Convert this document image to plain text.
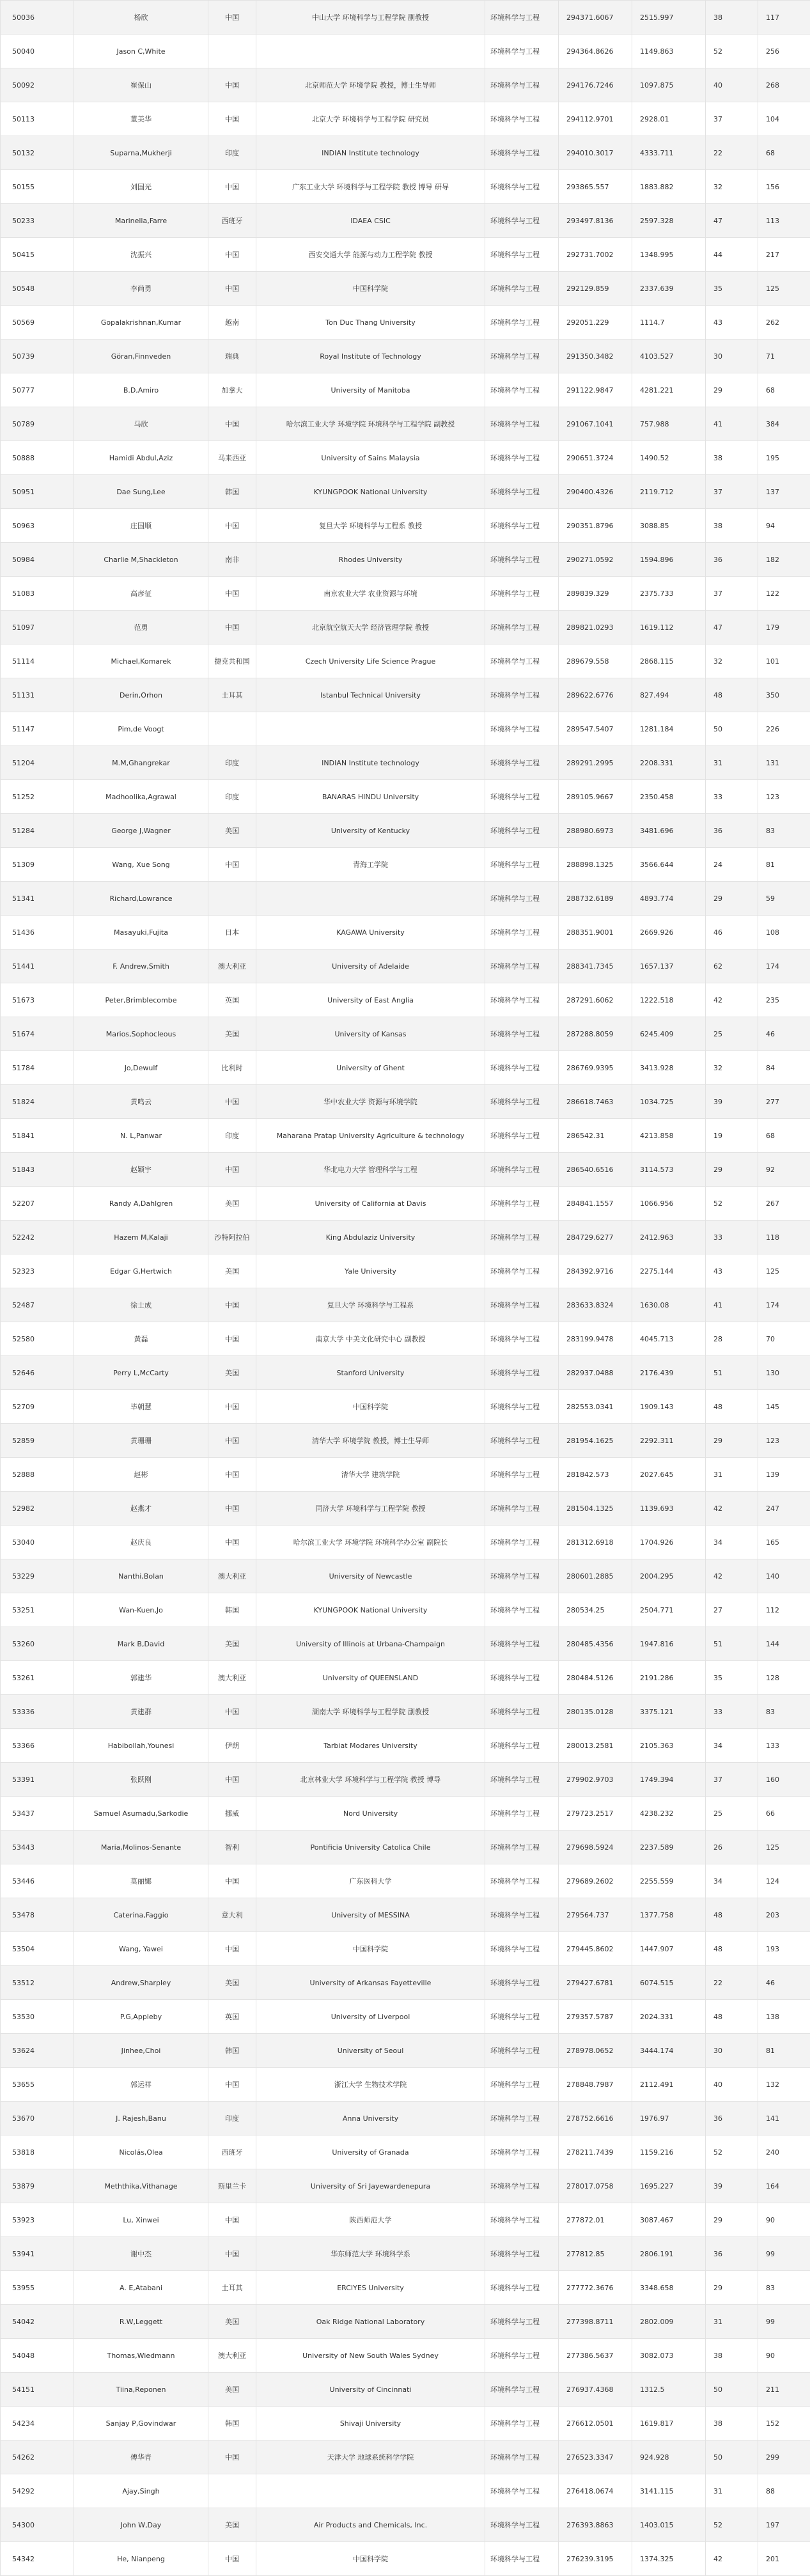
50036	杨欣	中国	中山大学 环境科学与工程学院 副教授	环境科学与工程	294371.6067	2515.997	38	117
50040	Jason C,White			环境科学与工程	294364.8626	1149.863	52	256
50092	崔保山	中国	北京师范大学 环境学院 教授，博士生导师	环境科学与工程	294176.7246	1097.875	40	268
50113	董美华	中国	北京大学 环境科学与工程学院 研究员	环境科学与工程	294112.9701	2928.01	37	104
50132	Suparna,Mukherji	印度	INDIAN Institute technology	环境科学与工程	294010.3017	4333.711	22	68
50155	刘国光	中国	广东工业大学 环境科学与工程学院 教授 博导 研导	环境科学与工程	293865.557	1883.882	32	156
50233	Marinella,Farre	西班牙	IDAEA CSIC	环境科学与工程	293497.8136	2597.328	47	113
50415	沈振兴	中国	西安交通大学 能源与动力工程学院 教授	环境科学与工程	292731.7002	1348.995	44	217
50548	李尚勇	中国	中国科学院	环境科学与工程	292129.859	2337.639	35	125
50569	Gopalakrishnan,Kumar	越南	Ton Duc Thang University	环境科学与工程	292051.229	1114.7	43	262
50739	Göran,Finnveden	瑞典	Royal Institute of Technology	环境科学与工程	291350.3482	4103.527	30	71
50777	B.D,Amiro	加拿大	University of Manitoba	环境科学与工程	291122.9847	4281.221	29	68
50789	马欣	中国	哈尔滨工业大学 环境学院 环境科学与工程学院 副教授	环境科学与工程	291067.1041	757.988	41	384
50888	Hamidi Abdul,Aziz	马来西亚	University of Sains Malaysia	环境科学与工程	290651.3724	1490.52	38	195
50951	Dae Sung,Lee	韩国	KYUNGPOOK National University	环境科学与工程	290400.4326	2119.712	37	137
50963	庄国顺	中国	复旦大学 环境科学与工程系 教授	环境科学与工程	290351.8796	3088.85	38	94
50984	Charlie M,Shackleton	南非	Rhodes University	环境科学与工程	290271.0592	1594.896	36	182
51083	高彦征	中国	南京农业大学 农业资源与环境	环境科学与工程	289839.329	2375.733	37	122
51097	范勇	中国	北京航空航天大学 经济管理学院 教授	环境科学与工程	289821.0293	1619.112	47	179
51114	Michael,Komarek	捷克共和国	Czech University Life Science Prague	环境科学与工程	289679.558	2868.115	32	101
51131	Derin,Orhon	土耳其	Istanbul Technical University	环境科学与工程	289622.6776	827.494	48	350
51147	Pim,de Voogt			环境科学与工程	289547.5407	1281.184	50	226
51204	M.M,Ghangrekar	印度	INDIAN Institute technology	环境科学与工程	289291.2995	2208.331	31	131
51252	Madhoolika,Agrawal	印度	BANARAS HINDU University	环境科学与工程	289105.9667	2350.458	33	123
51284	George J,Wagner	美国	University of Kentucky	环境科学与工程	288980.6973	3481.696	36	83
51309	Wang, Xue Song	中国	青海工学院	环境科学与工程	288898.1325	3566.644	24	81
51341	Richard,Lowrance			环境科学与工程	288732.6189	4893.774	29	59
51436	Masayuki,Fujita	日本	KAGAWA University	环境科学与工程	288351.9001	2669.926	46	108
51441	F. Andrew,Smith	澳大利亚	University of Adelaide	环境科学与工程	288341.7345	1657.137	62	174
51673	Peter,Brimblecombe	英国	University of East Anglia	环境科学与工程	287291.6062	1222.518	42	235
51674	Marios,Sophocleous	美国	University of Kansas	环境科学与工程	287288.8059	6245.409	25	46
51784	Jo,Dewulf	比利时	University of Ghent	环境科学与工程	286769.9395	3413.928	32	84
51824	黄鸣云	中国	华中农业大学 资源与环境学院	环境科学与工程	286618.7463	1034.725	39	277
51841	N. L,Panwar	印度	Maharana Pratap University Agriculture & technology	环境科学与工程	286542.31	4213.858	19	68
51843	赵颖宇	中国	华北电力大学 管理科学与工程	环境科学与工程	286540.6516	3114.573	29	92
52207	Randy A,Dahlgren	美国	University of California at Davis	环境科学与工程	284841.1557	1066.956	52	267
52242	Hazem M,Kalaji	沙特阿拉伯	King Abdulaziz University	环境科学与工程	284729.6277	2412.963	33	118
52323	Edgar G,Hertwich	美国	Yale University	环境科学与工程	284392.9716	2275.144	43	125
52487	徐士成	中国	复旦大学 环境科学与工程系	环境科学与工程	283633.8324	1630.08	41	174
52580	黄磊	中国	南京大学 中美文化研究中心 副教授	环境科学与工程	283199.9478	4045.713	28	70
52646	Perry L,McCarty	美国	Stanford University	环境科学与工程	282937.0488	2176.439	51	130
52709	毕朝慧	中国	中国科学院	环境科学与工程	282553.0341	1909.143	48	145
52859	黄珊珊	中国	清华大学 环境学院 教授，博士生导师	环境科学与工程	281954.1625	2292.311	29	123
52888	赵彬	中国	清华大学 建筑学院	环境科学与工程	281842.573	2027.645	31	139
52982	赵燕才	中国	同济大学 环境科学与工程学院 教授	环境科学与工程	281504.1325	1139.693	42	247
53040	赵庆良	中国	哈尔滨工业大学 环境学院 环境科学办公室 副院长	环境科学与工程	281312.6918	1704.926	34	165
53229	Nanthi,Bolan	澳大利亚	University of Newcastle	环境科学与工程	280601.2885	2004.295	42	140
53251	Wan-Kuen,Jo	韩国	KYUNGPOOK National University	环境科学与工程	280534.25	2504.771	27	112
53260	Mark B,David	美国	University of Illinois at Urbana-Champaign	环境科学与工程	280485.4356	1947.816	51	144
53261	郭建华	澳大利亚	University of QUEENSLAND	环境科学与工程	280484.5126	2191.286	35	128
53336	黄建群	中国	湖南大学 环境科学与工程学院 副教授	环境科学与工程	280135.0128	3375.121	33	83
53366	Habibollah,Younesi	伊朗	Tarbiat Modares University	环境科学与工程	280013.2581	2105.363	34	133
53391	张跃刚	中国	北京林业大学 环境科学与工程学院 教授 博导	环境科学与工程	279902.9703	1749.394	37	160
53437	Samuel Asumadu,Sarkodie	挪威	Nord University	环境科学与工程	279723.2517	4238.232	25	66
53443	Maria,Molinos-Senante	智利	Pontificia University Catolica Chile	环境科学与工程	279698.5924	2237.589	26	125
53446	莫丽娜	中国	广东医科大学	环境科学与工程	279689.2602	2255.559	34	124
53478	Caterina,Faggio	意大利	University of MESSINA	环境科学与工程	279564.737	1377.758	48	203
53504	Wang, Yawei	中国	中国科学院	环境科学与工程	279445.8602	1447.907	48	193
53512	Andrew,Sharpley	美国	University of Arkansas Fayetteville	环境科学与工程	279427.6781	6074.515	22	46
53530	P.G,Appleby	英国	University of Liverpool	环境科学与工程	279357.5787	2024.331	48	138
53624	Jinhee,Choi	韩国	University of Seoul	环境科学与工程	278978.0652	3444.174	30	81
53655	郭运祥	中国	浙江大学 生物技术学院	环境科学与工程	278848.7987	2112.491	40	132
53670	J. Rajesh,Banu	印度	Anna University	环境科学与工程	278752.6616	1976.97	36	141
53818	Nicolás,Olea	西班牙	University of Granada	环境科学与工程	278211.7439	1159.216	52	240
53879	Meththika,Vithanage	斯里兰卡	University of Sri Jayewardenepura	环境科学与工程	278017.0758	1695.227	39	164
53923	Lu, Xinwei	中国	陕西师范大学	环境科学与工程	277872.01	3087.467	29	90
53941	谢中杰	中国	华东师范大学 环境科学系	环境科学与工程	277812.85	2806.191	36	99
53955	A. E,Atabani	土耳其	ERCIYES University	环境科学与工程	277772.3676	3348.658	29	83
54042	R.W,Leggett	美国	Oak Ridge National Laboratory	环境科学与工程	277398.8711	2802.009	31	99
54048	Thomas,Wiedmann	澳大利亚	University of New South Wales Sydney	环境科学与工程	277386.5637	3082.073	38	90
54151	Tiina,Reponen	美国	University of Cincinnati	环境科学与工程	276937.4368	1312.5	50	211
54234	Sanjay P,Govindwar	韩国	Shivaji University	环境科学与工程	276612.0501	1619.817	38	152
54262	傅华青	中国	天津大学 地球系统科学学院	环境科学与工程	276523.3347	924.928	50	299
54292	Ajay,Singh			环境科学与工程	276418.0674	3141.115	31	88
54300	John W,Day	美国	Air Products and Chemicals, Inc.	环境科学与工程	276393.8863	1403.015	52	197
54342	He, Nianpeng	中国	中国科学院	环境科学与工程	276239.3195	1374.325	42	201
